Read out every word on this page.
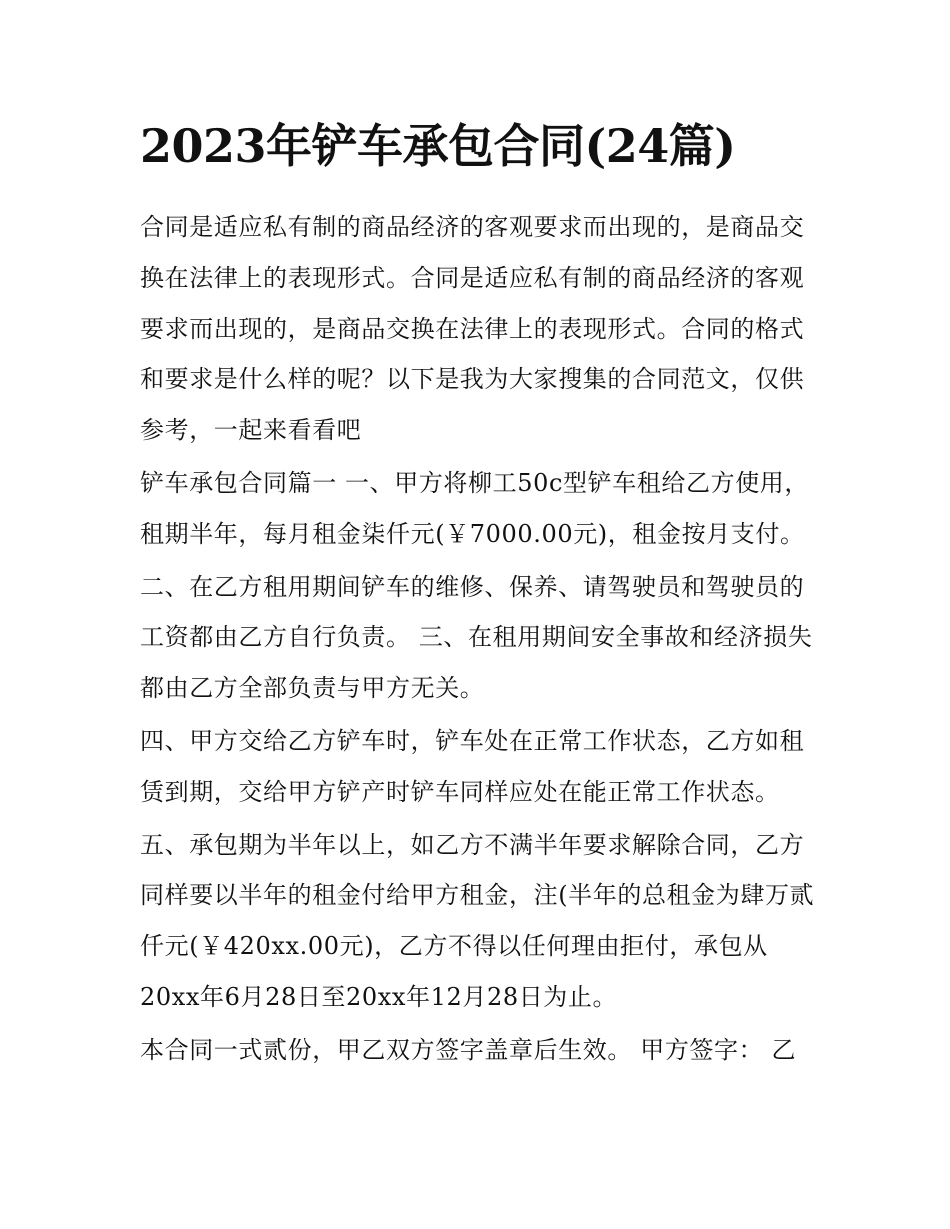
2023年铲车承包合同(24篇)

合同是适应私有制的商品经济的客观要求而出现的，是商品交换在法律上的表现形式。合同是适应私有制的商品经济的客观要求而出现的，是商品交换在法律上的表现形式。合同的格式和要求是什么样的呢？以下是我为大家搜集的合同范文，仅供参考，一起来看看吧

铲车承包合同篇一 一、甲方将柳工50c型铲车租给乙方使用，租期半年，每月租金柒仟元(￥7000.00元)，租金按月支付。

二、在乙方租用期间铲车的维修、保养、请驾驶员和驾驶员的工资都由乙方自行负责。 三、在租用期间安全事故和经济损失都由乙方全部负责与甲方无关。

四、甲方交给乙方铲车时，铲车处在正常工作状态，乙方如租赁到期，交给甲方铲产时铲车同样应处在能正常工作状态。

五、承包期为半年以上，如乙方不满半年要求解除合同，乙方同样要以半年的租金付给甲方租金，注(半年的总租金为肆万贰仟元(￥420xx.00元)，乙方不得以任何理由拒付，承包从20xx年6月28日至20xx年12月28日为止。

本合同一式贰份，甲乙双方签字盖章后生效。 甲方签字： 乙
